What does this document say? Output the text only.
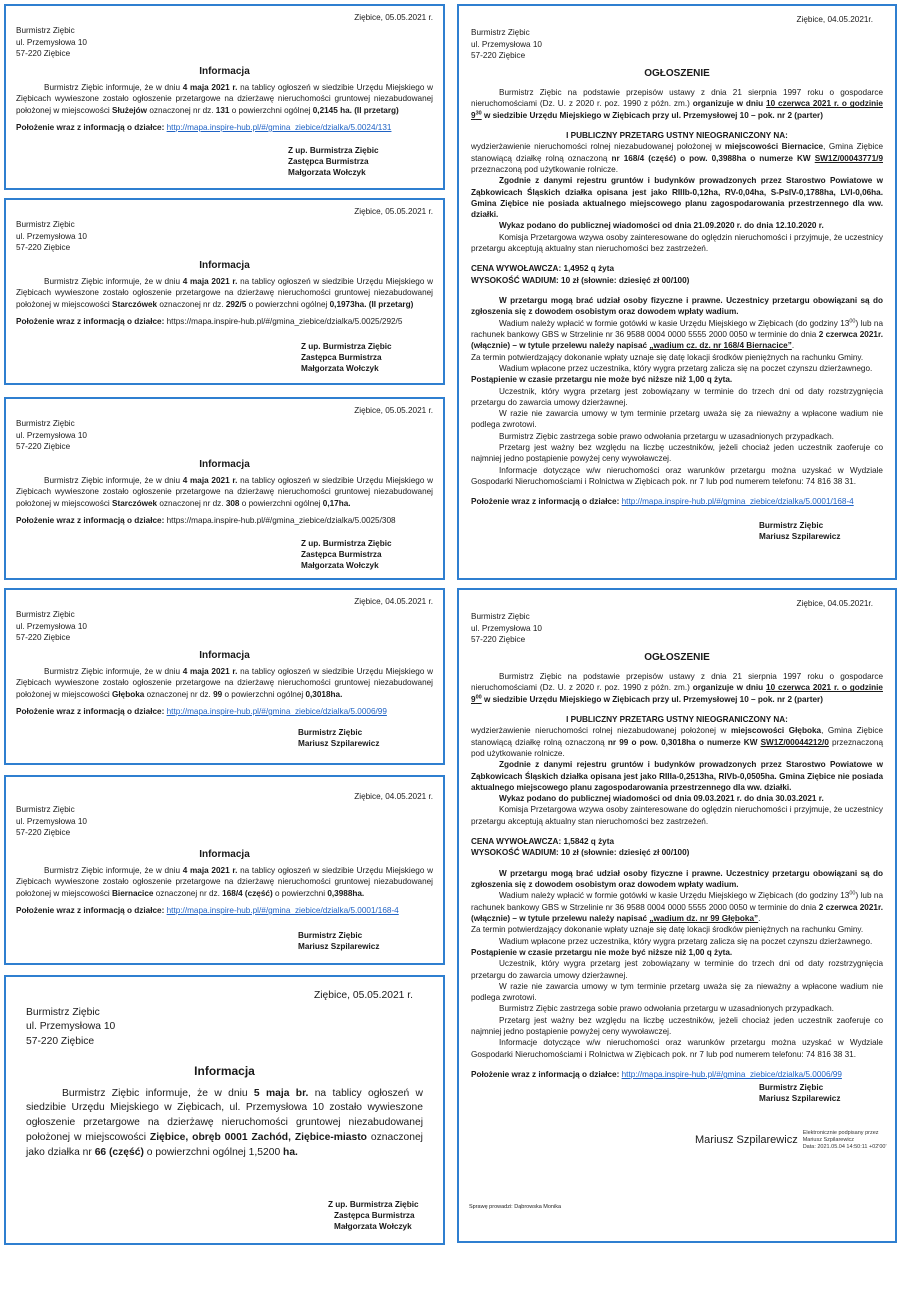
Ziębice, 05.05.2021 r.
Burmistrz Ziębic
ul. Przemysłowa 10
57-220 Ziębice
Informacja
Burmistrz Ziębic informuje, że w dniu 4 maja 2021 r. na tablicy ogłoszeń w siedzibie Urzędu Miejskiego w Ziębicach wywieszone zostało ogłoszenie przetargowe na dzierżawę nieruchomości gruntowej niezabudowanej położonej w miejscowości Służejów oznaczonej nr dz. 131 o powierzchni ogólnej 0,2145 ha. (II przetarg)
Położenie wraz z informacją o działce: http://mapa.inspire-hub.pl/#/gmina_ziebice/dzialka/5.0024/131
Z up. Burmistrza Ziębic
Zastępca Burmistrza
Małgorzata Wołczyk
Ziębice, 05.05.2021 r.
Burmistrz Ziębic
ul. Przemysłowa 10
57-220 Ziębice
Informacja
Burmistrz Ziębic informuje, że w dniu 4 maja 2021 r. na tablicy ogłoszeń w siedzibie Urzędu Miejskiego w Ziębicach wywieszone zostało ogłoszenie przetargowe na dzierżawę nieruchomości gruntowej niezabudowanej położonej w miejscowości Starczówek oznaczonej nr dz. 292/5 o powierzchni ogólnej 0,1973ha. (II przetarg)
Położenie wraz z informacją o działce: https://mapa.inspire-hub.pl/#/gmina_ziebice/dzialka/5.0025/292/5
Z up. Burmistrza Ziębic
Zastępca Burmistrza
Małgorzata Wołczyk
Ziębice, 05.05.2021 r.
Burmistrz Ziębic
ul. Przemysłowa 10
57-220 Ziębice
Informacja
Burmistrz Ziębic informuje, że w dniu 4 maja 2021 r. na tablicy ogłoszeń w siedzibie Urzędu Miejskiego w Ziębicach wywieszone zostało ogłoszenie przetargowe na dzierżawę nieruchomości gruntowej niezabudowanej położonej w miejscowości Starczówek oznaczonej nr dz. 308 o powierzchni ogólnej 0,17ha.
Położenie wraz z informacją o działce: https://mapa.inspire-hub.pl/#/gmina_ziebice/dzialka/5.0025/308
Z up. Burmistrza Ziębic
Zastępca Burmistrza
Małgorzata Wołczyk
Ziębice, 04.05.2021 r.
Burmistrz Ziębic
ul. Przemysłowa 10
57-220 Ziębice
Informacja
Burmistrz Ziębic informuje, że w dniu 4 maja 2021 r. na tablicy ogłoszeń w siedzibie Urzędu Miejskiego w Ziębicach wywieszone zostało ogłoszenie przetargowe na dzierżawę nieruchomości gruntowej niezabudowanej położonej w miejscowości Głęboka oznaczonej nr dz. 99 o powierzchni ogólnej 0,3018ha.
Położenie wraz z informacją o działce: http://mapa.inspire-hub.pl/#/gmina_ziebice/dzialka/5.0006/99
Burmistrz Ziębic
Mariusz Szpilarewicz
Ziębice, 04.05.2021 r.
Burmistrz Ziębic
ul. Przemysłowa 10
57-220 Ziębice
Informacja
Burmistrz Ziębic informuje, że w dniu 4 maja 2021 r. na tablicy ogłoszeń w siedzibie Urzędu Miejskiego w Ziębicach wywieszone zostało ogłoszenie przetargowe na dzierżawę nieruchomości gruntowej niezabudowanej położonej w miejscowości Biernacice oznaczonej nr dz. 168/4 (część) o powierzchni 0,3988ha.
Położenie wraz z informacją o działce: http://mapa.inspire-hub.pl/#/gmina_ziebice/dzialka/5.0001/168-4
Burmistrz Ziębic
Mariusz Szpilarewicz
Ziębice, 05.05.2021 r.
Burmistrz Ziębic
ul. Przemysłowa 10
57-220 Ziębice
Informacja
Burmistrz Ziębic informuje, że w dniu 5 maja br. na tablicy ogłoszeń w siedzibie Urzędu Miejskiego w Ziębicach, ul. Przemysłowa 10 zostało wywieszone ogłoszenie przetargowe na dzierżawę nieruchomości gruntowej niezabudowanej położonej w miejscowości Ziębice, obręb 0001 Zachód, Ziębice-miasto oznaczonej jako działka nr 66 (część) o powierzchni ogólnej 1,5200 ha.
Z up. Burmistrza Ziębic
Zastępca Burmistrza
Małgorzata Wołczyk
Ziębice, 04.05.2021r.
Burmistrz Ziębic
ul. Przemysłowa 10
57-220 Ziębice
OGŁOSZENIE
Burmistrz Ziębic na podstawie przepisów ustawy z dnia 21 sierpnia 1997 roku o gospodarce nieruchomościami (Dz. U. z 2020 r. poz. 1990 z późn. zm.) organizuje w dniu 10 czerwca 2021 r. o godzinie $9^{30}$ w siedzibie Urzędu Miejskiego w Ziębicach przy ul. Przemysłowej 10 – pok. nr 2 (parter)
I PUBLICZNY PRZETARG USTNY NIEOGRANICZONY NA:
wydzierżawienie nieruchomości rolnej niezabudowanej położonej w miejscowości Biernacice, Gmina Ziębice stanowiącą działkę rolną oznaczoną nr 168/4 (część) o pow. 0,3988ha o numerze KW SW1Z/00043771/9 przeznaczoną pod użytkowanie rolnicze.
Zgodnie z danymi rejestru gruntów i budynków prowadzonych przez Starostwo Powiatowe w Ząbkowicach Śląskich działka opisana jest jako RIIIb-0,12ha, RV-0,04ha, S-PsIV-0,1788ha, LVI-0,06ha. Gmina Ziębice nie posiada aktualnego miejscowego planu zagospodarowania przestrzennego dla ww. działki.
Wykaz podano do publicznej wiadomości od dnia 21.09.2020 r. do dnia 12.10.2020 r.
Komisja Przetargowa wzywa osoby zainteresowane do oględzin nieruchomości i przyjmuje, że uczestnicy przetargu akceptują aktualny stan nieruchomości bez zastrzeżeń.
CENA WYWOŁAWCZA: 1,4952 q żyta
WYSOKOŚĆ WADIUM: 10 zł (słownie: dziesięć zł 00/100)
W przetargu mogą brać udział osoby fizyczne i prawne. Uczestnicy przetargu obowiązani są do zgłoszenia się z dowodem osobistym oraz dowodem wpłaty wadium.
Wadium należy wpłacić w formie gotówki w kasie Urzędu Miejskiego w Ziębicach (do godziny $13^{00}$) lub na rachunek bankowy GBS w Strzelinie nr 36 9588 0004 0000 5555 2000 0050 w terminie do dnia 2 czerwca 2021r. (włącznie) – w tytule przelewu należy napisać „wadium cz. dz. nr 168/4 Biernacice”.
Za termin potwierdzający dokonanie wpłaty uznaje się datę lokacji środków pieniężnych na rachunku Gminy.
Wadium wpłacone przez uczestnika, który wygra przetarg zalicza się na poczet czynszu dzierżawnego.
Postąpienie w czasie przetargu nie może być niższe niż 1,00 q żyta.
Uczestnik, który wygra przetarg jest zobowiązany w terminie do trzech dni od daty rozstrzygnięcia przetargu do zawarcia umowy dzierżawnej.
W razie nie zawarcia umowy w tym terminie przetarg uważa się za nieważny a wpłacone wadium nie podlega zwrotowi.
Burmistrz Ziębic zastrzega sobie prawo odwołania przetargu w uzasadnionych przypadkach.
Przetarg jest ważny bez względu na liczbę uczestników, jeżeli chociaż jeden uczestnik zaoferuje co najmniej jedno postąpienie powyżej ceny wywoławczej.
Informacje dotyczące w/w nieruchomości oraz warunków przetargu można uzyskać w Wydziale Gospodarki Nieruchomościami i Rolnictwa w Ziębicach pok. nr 7 lub pod numerem telefonu: 74 816 38 31.
Położenie wraz z informacją o działce: http://mapa.inspire-hub.pl/#/gmina_ziebice/dzialka/5.0001/168-4
Burmistrz Ziębic
Mariusz Szpilarewicz
Ziębice, 04.05.2021r.
Burmistrz Ziębic
ul. Przemysłowa 10
57-220 Ziębice
OGŁOSZENIE
Burmistrz Ziębic na podstawie przepisów ustawy z dnia 21 sierpnia 1997 roku o gospodarce nieruchomościami (Dz. U. z 2020 r. poz. 1990 z późn. zm.) organizuje w dniu 10 czerwca 2021 r. o godzinie $9^{00}$ w siedzibie Urzędu Miejskiego w Ziębicach przy ul. Przemysłowej 10 – pok. nr 2 (parter)
I PUBLICZNY PRZETARG USTNY NIEOGRANICZONY NA:
wydzierżawienie nieruchomości rolnej niezabudowanej położonej w miejscowości Głęboka, Gmina Ziębice stanowiącą działkę rolną oznaczoną nr 99 o pow. 0,3018ha o numerze KW SW1Z/00044212/0 przeznaczoną pod użytkowanie rolnicze.
Zgodnie z danymi rejestru gruntów i budynków prowadzonych przez Starostwo Powiatowe w Ząbkowicach Śląskich działka opisana jest jako RIIIa-0,2513ha, RIVb-0,0505ha. Gmina Ziębice nie posiada aktualnego miejscowego planu zagospodarowania przestrzennego dla ww. działki.
Wykaz podano do publicznej wiadomości od dnia 09.03.2021 r. do dnia 30.03.2021 r.
Komisja Przetargowa wzywa osoby zainteresowane do oględzin nieruchomości i przyjmuje, że uczestnicy przetargu akceptują aktualny stan nieruchomości bez zastrzeżeń.
CENA WYWOŁAWCZA: 1,5842 q żyta
WYSOKOŚĆ WADIUM: 10 zł (słownie: dziesięć zł 00/100)
W przetargu mogą brać udział osoby fizyczne i prawne. Uczestnicy przetargu obowiązani są do zgłoszenia się z dowodem osobistym oraz dowodem wpłaty wadium.
Wadium należy wpłacić w formie gotówki w kasie Urzędu Miejskiego w Ziębicach (do godziny $13^{00}$) lub na rachunek bankowy GBS w Strzelinie nr 36 9588 0004 0000 5555 2000 0050 w terminie do dnia 2 czerwca 2021r. (włącznie) – w tytule przelewu należy napisać „wadium dz. nr 99 Głęboka”.
Za termin potwierdzający dokonanie wpłaty uznaje się datę lokacji środków pieniężnych na rachunku Gminy.
Wadium wpłacone przez uczestnika, który wygra przetarg zalicza się na poczet czynszu dzierżawnego.
Postąpienie w czasie przetargu nie może być niższe niż 1,00 q żyta.
Uczestnik, który wygra przetarg jest zobowiązany w terminie do trzech dni od daty rozstrzygnięcia przetargu do zawarcia umowy dzierżawnej.
W razie nie zawarcia umowy w tym terminie przetarg uważa się za nieważny a wpłacone wadium nie podlega zwrotowi.
Burmistrz Ziębic zastrzega sobie prawo odwołania przetargu w uzasadnionych przypadkach.
Przetarg jest ważny bez względu na liczbę uczestników, jeżeli chociaż jeden uczestnik zaoferuje co najmniej jedno postąpienie powyżej ceny wywoławczej.
Informacje dotyczące w/w nieruchomości oraz warunków przetargu można uzyskać w Wydziale Gospodarki Nieruchomościami i Rolnictwa w Ziębicach pok. nr 7 lub pod numerem telefonu: 74 816 38 31.
Położenie wraz z informacją o działce: http://mapa.inspire-hub.pl/#/gmina_ziebice/dzialka/5.0006/99
Burmistrz Ziębic
Mariusz Szpilarewicz
Mariusz Szpilarewicz
Elektronicznie podpisany przez
Mariusz Szpilarewicz
Data: 2021.05.04 14:50:11 +02'00'
Sprawę prowadzi: Dąbrowska Monika
